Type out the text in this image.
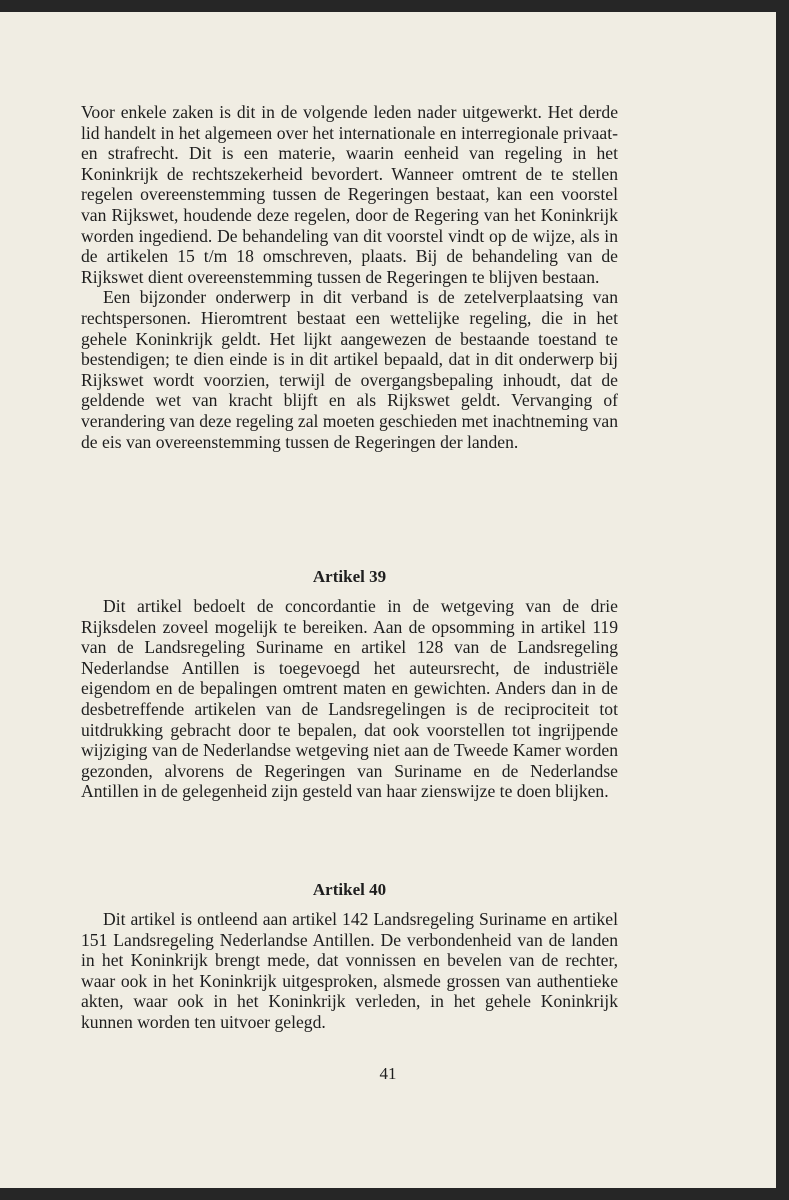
Voor enkele zaken is dit in de volgende leden nader uitgewerkt. Het derde lid handelt in het algemeen over het internationale en interregionale privaat- en strafrecht. Dit is een materie, waarin eenheid van regeling in het Koninkrijk de rechtszekerheid bevordert. Wanneer omtrent de te stellen regelen overeenstemming tussen de Regeringen bestaat, kan een voorstel van Rijkswet, houdende deze regelen, door de Regering van het Koninkrijk worden ingediend. De behandeling van dit voorstel vindt op de wijze, als in de artikelen 15 t/m 18 omschreven, plaats. Bij de behandeling van de Rijkswet dient overeenstemming tussen de Regeringen te blijven bestaan.

Een bijzonder onderwerp in dit verband is de zetelverplaatsing van rechtspersonen. Hieromtrent bestaat een wettelijke regeling, die in het gehele Koninkrijk geldt. Het lijkt aangewezen de bestaande toestand te bestendigen; te dien einde is in dit artikel bepaald, dat in dit onderwerp bij Rijkswet wordt voorzien, terwijl de overgangsbepaling inhoudt, dat de geldende wet van kracht blijft en als Rijkswet geldt. Vervanging of verandering van deze regeling zal moeten geschieden met inachtneming van de eis van overeenstemming tussen de Regeringen der landen.

Artikel 39

Dit artikel bedoelt de concordantie in de wetgeving van de drie Rijksdelen zoveel mogelijk te bereiken. Aan de opsomming in artikel 119 van de Landsregeling Suriname en artikel 128 van de Landsregeling Nederlandse Antillen is toegevoegd het auteursrecht, de industriële eigendom en de bepalingen omtrent maten en gewichten. Anders dan in de desbetreffende artikelen van de Landsregelingen is de reciprociteit tot uitdrukking gebracht door te bepalen, dat ook voorstellen tot ingrijpende wijziging van de Nederlandse wetgeving niet aan de Tweede Kamer worden gezonden, alvorens de Regeringen van Suriname en de Nederlandse Antillen in de gelegenheid zijn gesteld van haar zienswijze te doen blijken.

Artikel 40

Dit artikel is ontleend aan artikel 142 Landsregeling Suriname en artikel 151 Landsregeling Nederlandse Antillen. De verbondenheid van de landen in het Koninkrijk brengt mede, dat vonnissen en bevelen van de rechter, waar ook in het Koninkrijk uitgesproken, alsmede grossen van authentieke akten, waar ook in het Koninkrijk verleden, in het gehele Koninkrijk kunnen worden ten uitvoer gelegd.

41
